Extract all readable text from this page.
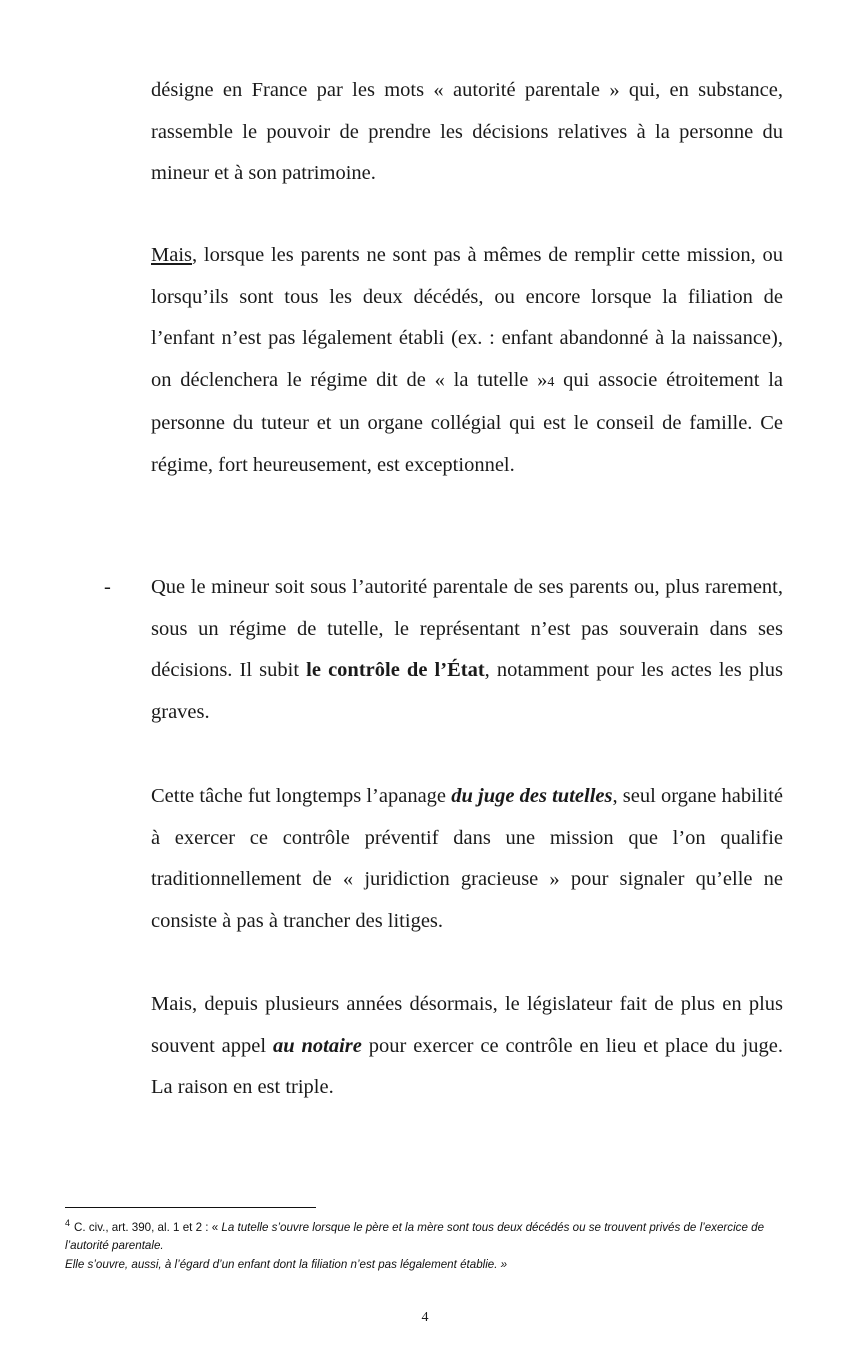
désigne en France par les mots « autorité parentale » qui, en substance, rassemble le pouvoir de prendre les décisions relatives à la personne du mineur et à son patrimoine.

Mais, lorsque les parents ne sont pas à mêmes de remplir cette mission, ou lorsqu’ils sont tous les deux décédés, ou encore lorsque la filiation de l’enfant n’est pas légalement établi (ex. : enfant abandonné à la naissance), on déclenchera le régime dit de « la tutelle »4 qui associe étroitement la personne du tuteur et un organe collégial qui est le conseil de famille. Ce régime, fort heureusement, est exceptionnel.

- Que le mineur soit sous l’autorité parentale de ses parents ou, plus rarement, sous un régime de tutelle, le représentant n’est pas souverain dans ses décisions. Il subit le contrôle de l’État, notamment pour les actes les plus graves.

Cette tâche fut longtemps l’apanage du juge des tutelles, seul organe habilité à exercer ce contrôle préventif dans une mission que l’on qualifie traditionnellement de « juridiction gracieuse » pour signaler qu’elle ne consiste à pas à trancher des litiges.

Mais, depuis plusieurs années désormais, le législateur fait de plus en plus souvent appel au notaire pour exercer ce contrôle en lieu et place du juge. La raison en est triple.

$^4$ C. civ., art. 390, al. 1 et 2 : « La tutelle s’ouvre lorsque le père et la mère sont tous deux décédés ou se trouvent privés de l’exercice de l’autorité parentale.
Elle s’ouvre, aussi, à l’égard d’un enfant dont la filiation n’est pas légalement établie. »
4
